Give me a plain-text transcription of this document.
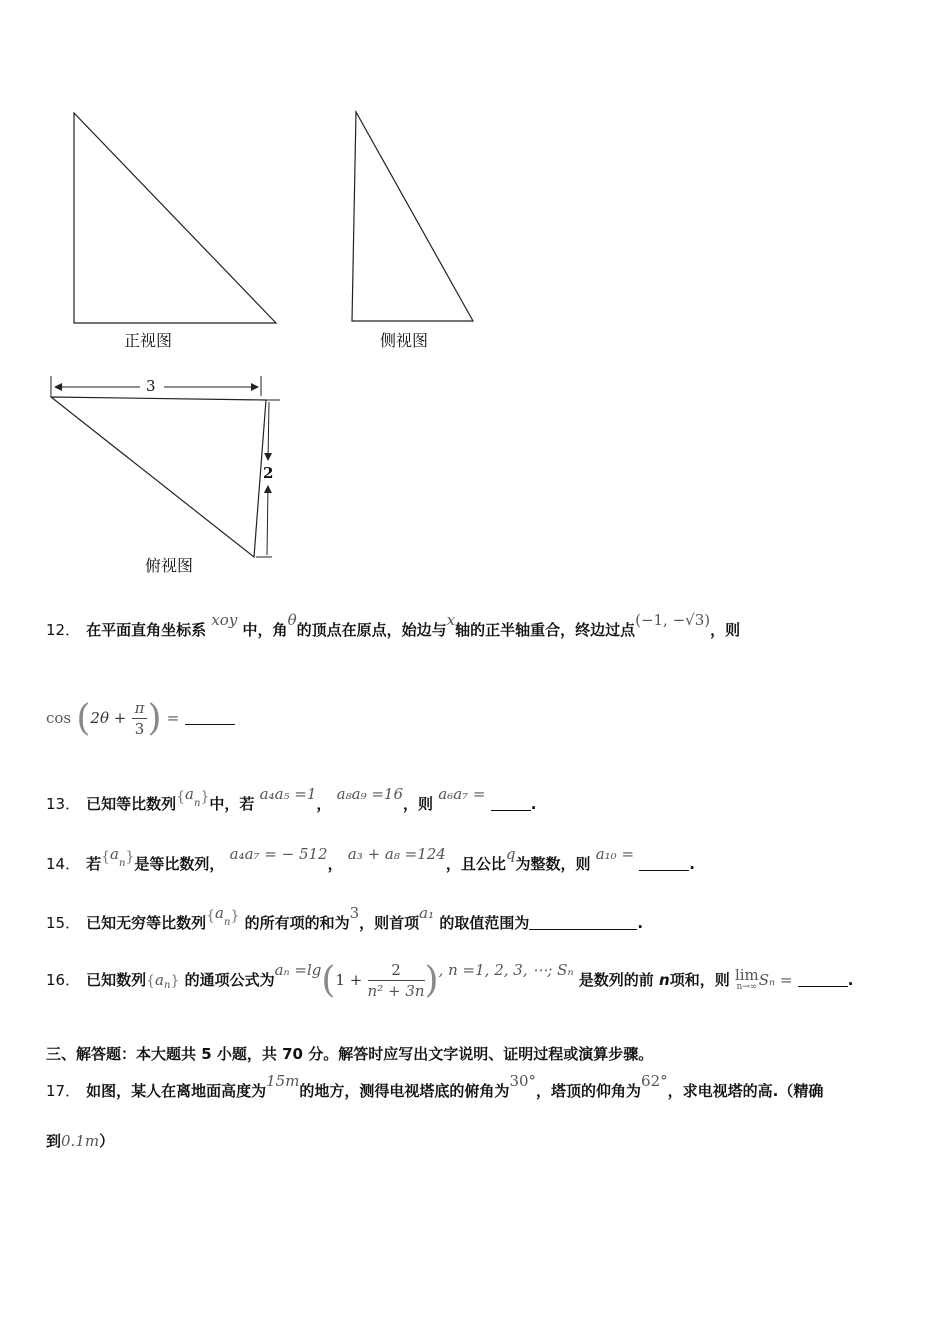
3
2
正视图	侧视图
俯视图
12． 在平面直角坐标系 xoy 中，角θ的顶点在原点，始边与x轴的正半轴重合，终边过点(−1, −√3)，则
$\cos (2\theta + \frac{\pi}{3}$ ) =
13． 已知等比数列$\{a^n\}$中，若 a₄a₅ =1， a₈a₉ =16，则 a₆a₇ = .
14． 若$\{a^n\}$是等比数列， a₄a₇ = − 512， a₃ + a₈ =124，且公比q为整数，则 a₁₀ = .
15． 已知无穷等比数列$\{a^n\}$ 的所有项的和为3，则首项a₁ 的取值范围为	.
16． 已知数列$\{a_n\}$ 的通项公式为$a_n =\lg(1 + \frac{2}{\text{n² + 3n}}$ ), n =1, 2, 3, ⋯; Sₙ 是数列的前 n项和，则 lim
n→∞ Sₙ =	.
三、解答题：本大题共 5 小题，共 70 分。解答时应写出文字说明、证明过程或演算步骤。
17． 如图，某人在离地面高度为15m的地方，测得电视塔底的俯角为30°，塔顶的仰角为62°，求电视塔的高.（精确
到0.1m）
